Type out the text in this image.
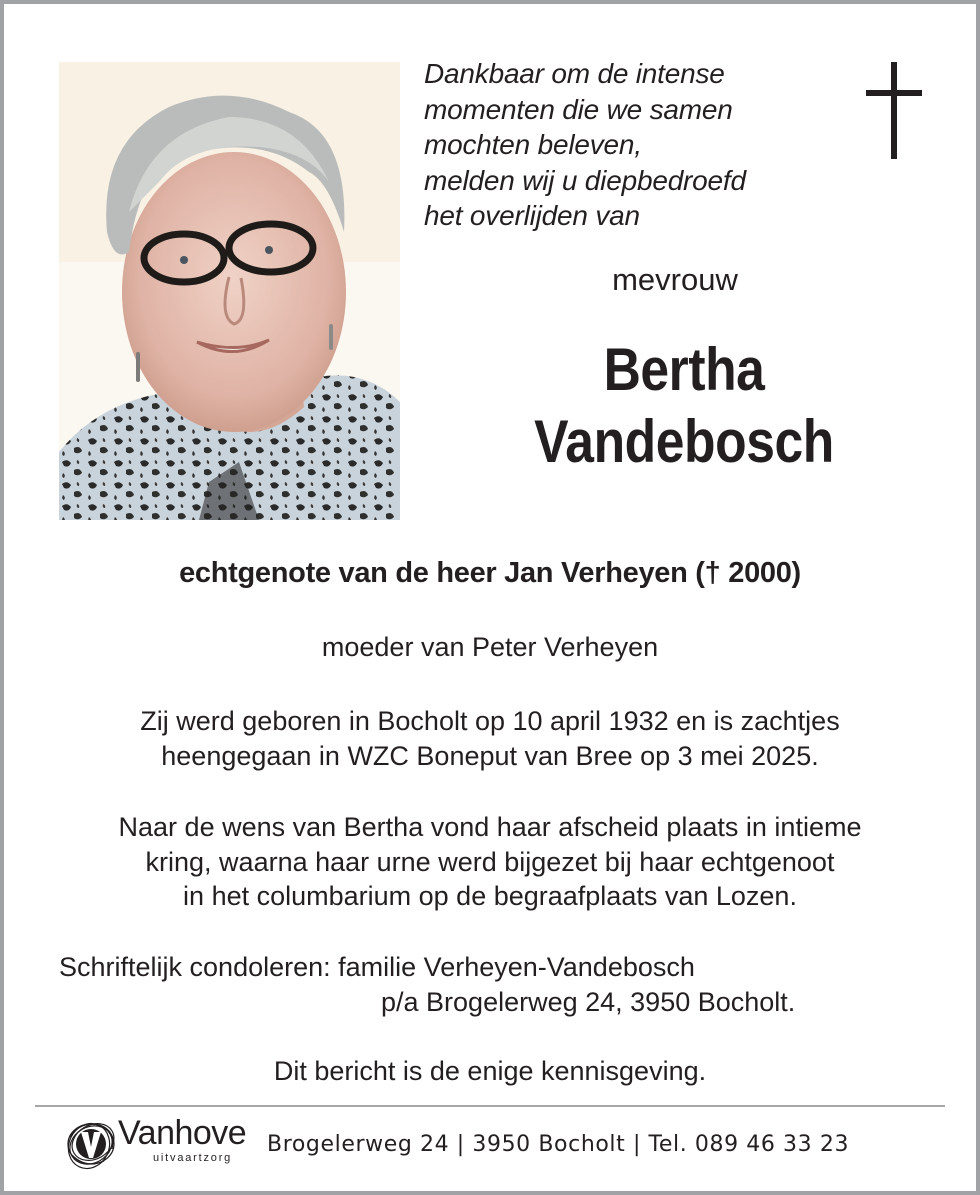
Dankbaar om de intense
momenten die we samen
mochten beleven,
melden wij u diepbedroefd
het overlijden van
mevrouw
Bertha
Vandebosch
echtgenote van de heer Jan Verheyen († 2000)
moeder van Peter Verheyen
Zij werd geboren in Bocholt op 10 april 1932 en is zachtjes
heengegaan in WZC Boneput van Bree op 3 mei 2025.
Naar de wens van Bertha vond haar afscheid plaats in intieme
kring, waarna haar urne werd bijgezet bij haar echtgenoot
in het columbarium op de begraafplaats van Lozen.
Schriftelijk condoleren: familie Verheyen-Vandebosch
p/a Brogelerweg 24, 3950 Bocholt.
Dit bericht is de enige kennisgeving.
Vanhove
uitvaartzorg
Brogelerweg 24 | 3950 Bocholt | Tel. 089 46 33 23
